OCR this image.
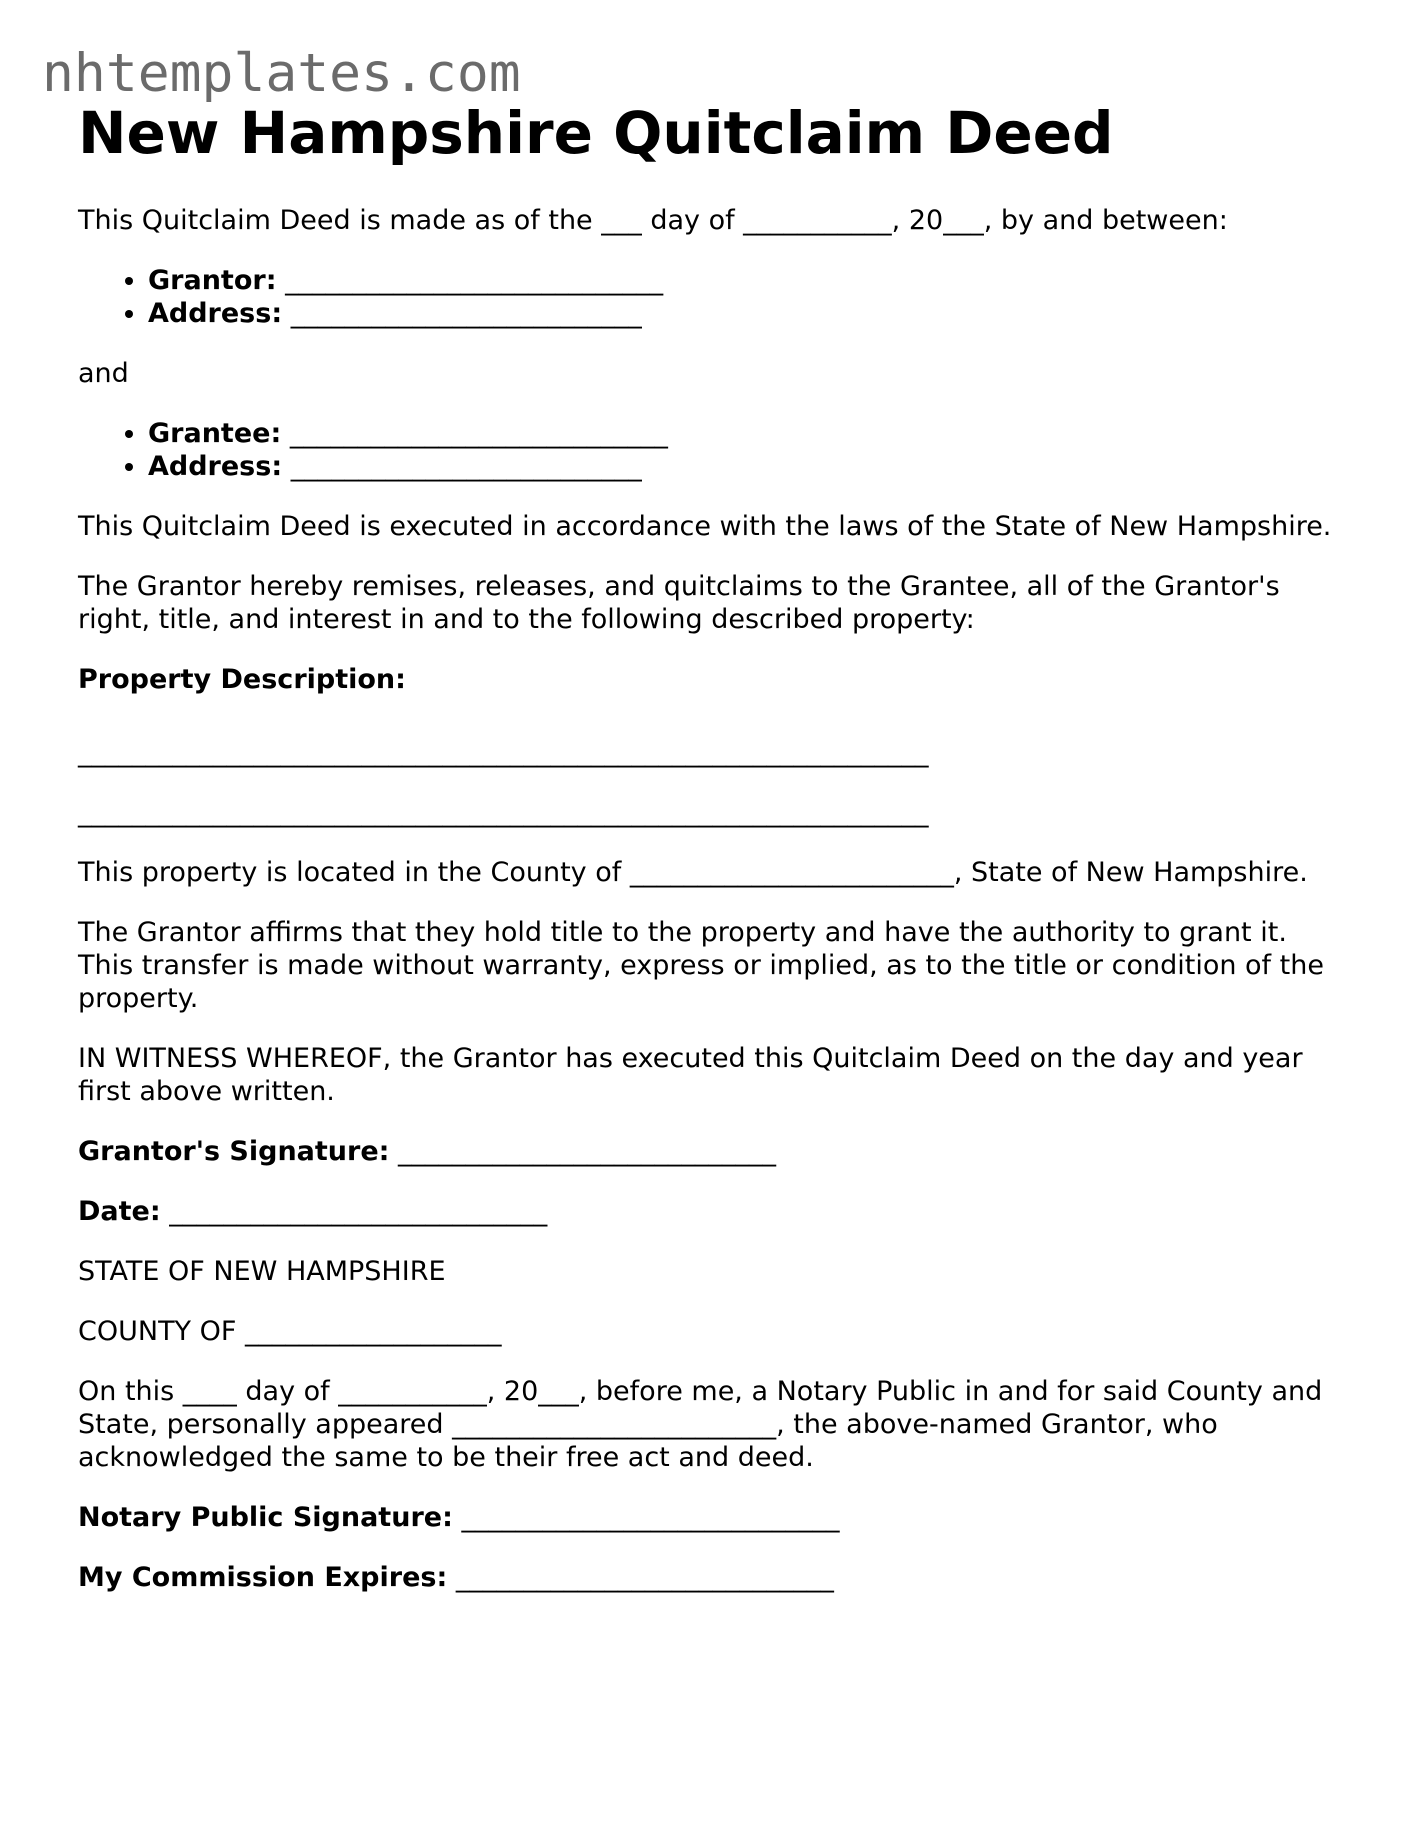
nhtemplates.com
New Hampshire Quitclaim Deed

This Quitclaim Deed is made as of the ___ day of ___________, 20___, by and between:

• Grantor: ____________________________
• Address: __________________________

and

• Grantee: ____________________________
• Address: __________________________

This Quitclaim Deed is executed in accordance with the laws of the State of New Hampshire.

The Grantor hereby remises, releases, and quitclaims to the Grantee, all of the Grantor's right, title, and interest in and to the following described property:

Property Description:

_______________________________________________________________
_______________________________________________________________

This property is located in the County of ________________________, State of New Hampshire.

The Grantor affirms that they hold title to the property and have the authority to grant it. This transfer is made without warranty, express or implied, as to the title or condition of the property.

IN WITNESS WHEREOF, the Grantor has executed this Quitclaim Deed on the day and year first above written.

Grantor's Signature: ____________________________

Date: ____________________________

STATE OF NEW HAMPSHIRE

COUNTY OF ___________________

On this ____ day of ___________, 20___, before me, a Notary Public in and for said County and State, personally appeared ________________________, the above-named Grantor, who acknowledged the same to be their free act and deed.

Notary Public Signature: ____________________________

My Commission Expires: ____________________________
